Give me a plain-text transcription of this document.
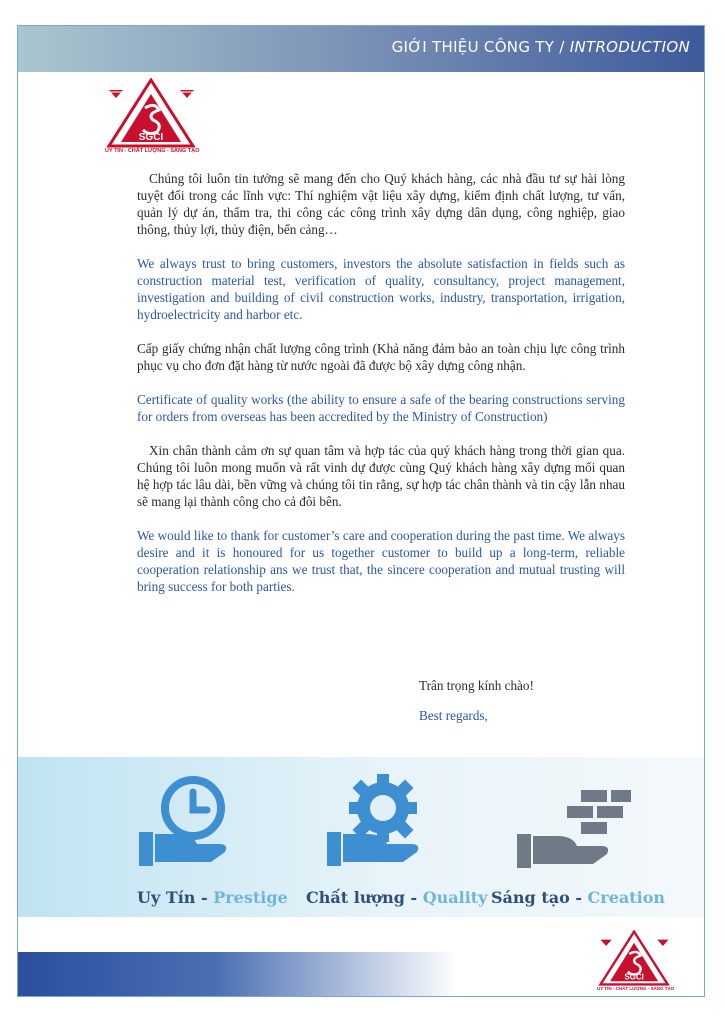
GIỚI THIỆU CÔNG TY / INTRODUCTION
SGCI
UY TÍN - CHẤT LƯỢNG - SÁNG TẠO

Chúng tôi luôn tin tưởng sẽ mang đến cho Quý khách hàng, các nhà đầu tư sự hài lòng tuyệt đối trong các lĩnh vực: Thí nghiệm vật liệu xây dựng, kiểm định chất lượng, tư vấn, quản lý dự án, thẩm tra, thi công các công trình xây dựng dân dụng, công nghiệp, giao thông, thủy lợi, thủy điện, bến cảng…

We always trust to bring customers, investors the absolute satisfaction in fields such as construction material test, verification of quality, consultancy, project management, investigation and building of civil construction works, industry, transportation, irrigation, hydroelectricity and harbor etc.

Cấp giấy chứng nhận chất lượng công trình (Khả năng đảm bảo an toàn chịu lực công trình phục vụ cho đơn đặt hàng từ nước ngoài đã được bộ xây dựng công nhận.

Certificate of quality works (the ability to ensure a safe of the bearing constructions serving for orders from overseas has been accredited by the Ministry of Construction)

Xin chân thành cảm ơn sự quan tâm và hợp tác của quý khách hàng trong thời gian qua. Chúng tôi luôn mong muốn và rất vinh dự được cùng Quý khách hàng xây dựng mối quan hệ hợp tác lâu dài, bền vững và chúng tôi tin rằng, sự hợp tác chân thành và tin cậy lẫn nhau sẽ mang lại thành công cho cả đôi bên.

We would like to thank for customer’s care and cooperation during the past time. We always desire and it is honoured for us together customer to build up a long-term, reliable cooperation relationship ans we trust that, the sincere cooperation and mutual trusting will bring success for both parties.

Trân trọng kính chào!
Best regards,
Uy Tín - Prestige Chất lượng - Quality Sáng tạo - Creation
SGCI
UY TÍN - CHẤT LƯỢNG - SÁNG TẠO
